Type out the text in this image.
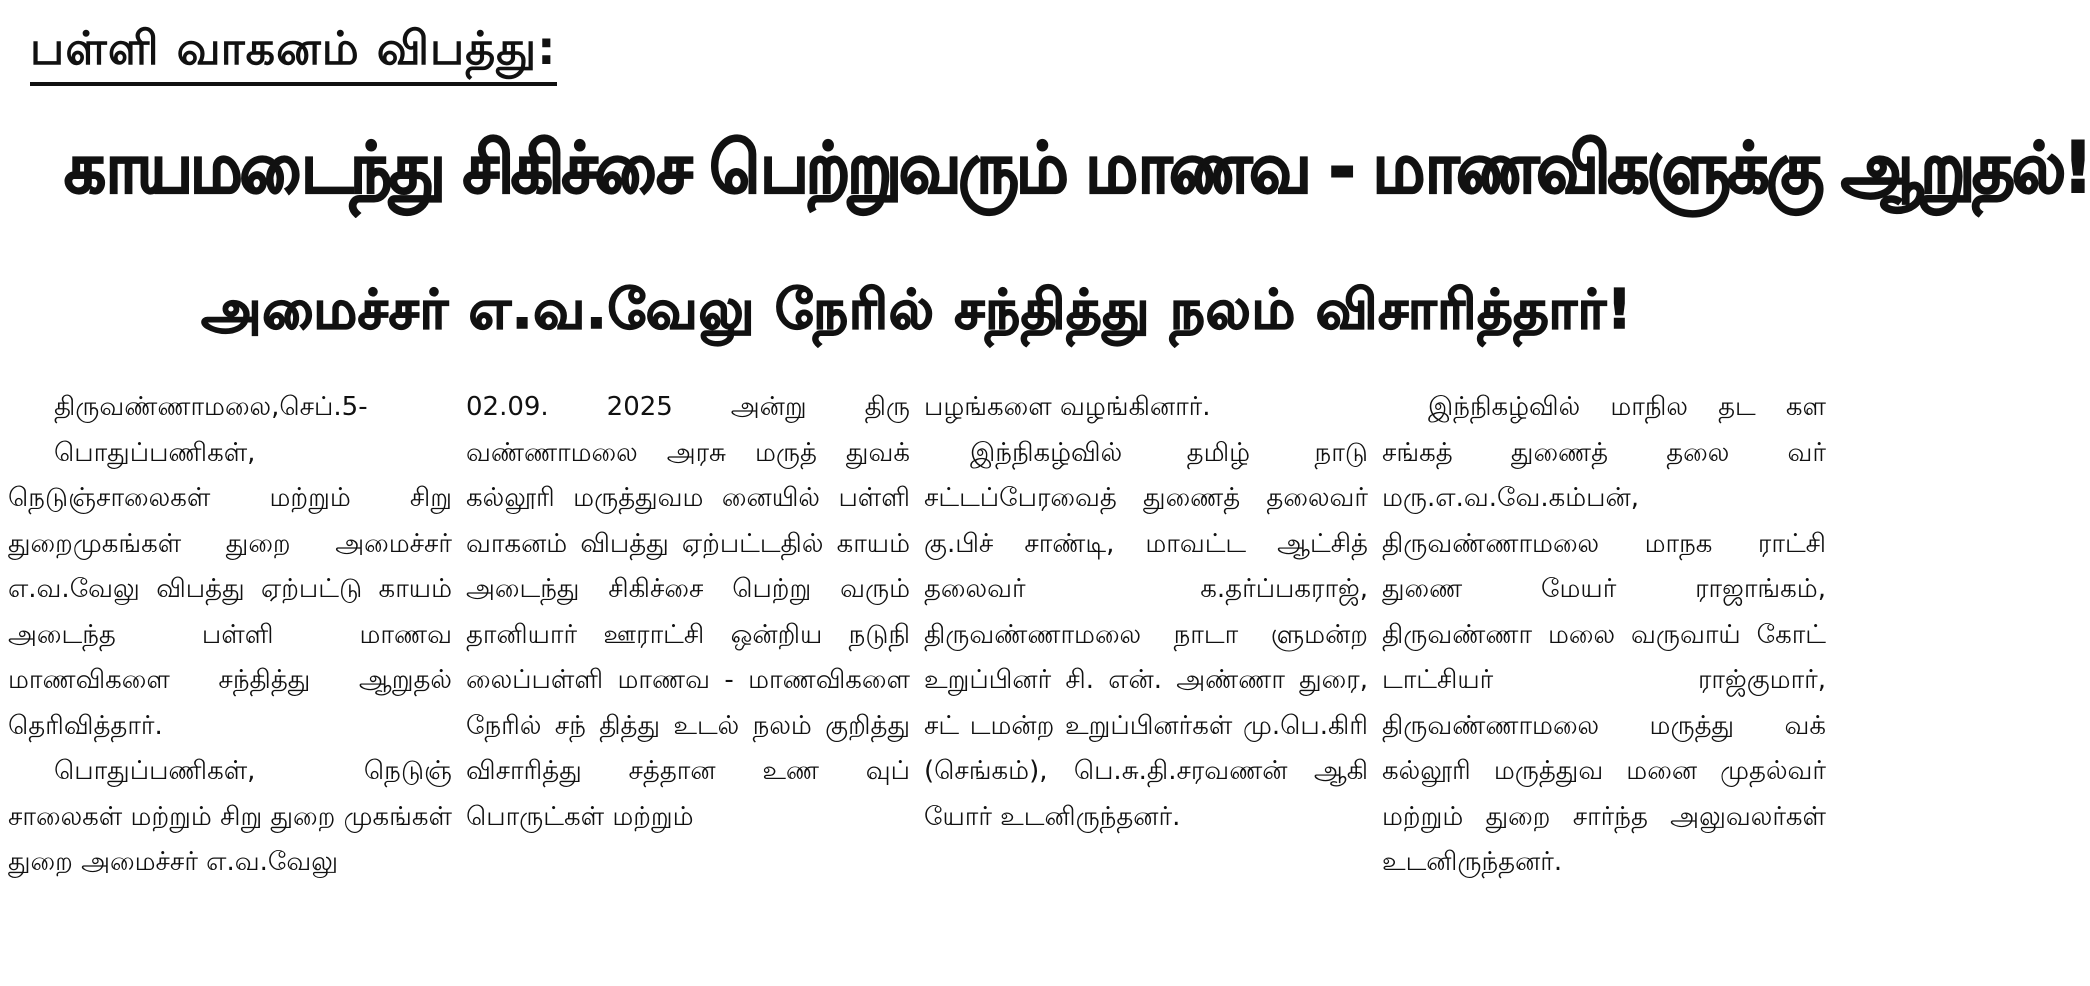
பள்ளி வாகனம் விபத்து:
காயமடைந்து சிகிச்சை பெற்றுவரும் மாணவ - மாணவிகளுக்கு ஆறுதல்!
அமைச்சர் எ.வ.வேலு நேரில் சந்தித்து நலம் விசாரித்தார்!

திருவண்ணாமலை,செப்.5-

பொதுப்பணிகள், நெடுஞ்சாலைகள் மற்றும் சிறு துறைமுகங்கள் துறை அமைச்சர் எ.வ.வேலு விபத்து ஏற்பட்டு காயம் அடைந்த பள்ளி மாணவ மாணவிகளை சந்தித்து ஆறுதல் தெரிவித்தார்.

பொதுப்பணிகள், நெடுஞ் சாலைகள் மற்றும் சிறு துறை முகங்கள் துறை அமைச்சர் எ.வ.வேலு

02.09. 2025 அன்று திரு வண்ணாமலை அரசு மருத் துவக் கல்லூரி மருத்துவம னையில் பள்ளி வாகனம் விபத்து ஏற்பட்டதில் காயம் அடைந்து சிகிச்சை பெற்று வரும் தானியார் ஊராட்சி ஒன்றிய நடுநி லைப்பள்ளி மாணவ - மாணவிகளை நேரில் சந் தித்து உடல் நலம் குறித்து விசாரித்து சத்தான உண வுப் பொருட்கள் மற்றும்

பழங்களை வழங்கினார்.

இந்நிகழ்வில் தமிழ் நாடு சட்டப்பேரவைத் துணைத் தலைவர் கு.பிச் சாண்டி, மாவட்ட ஆட்சித் தலைவர் க.தர்ப்பகராஜ், திருவண்ணாமலை நாடா ளுமன்ற உறுப்பினர் சி. என். அண்ணா துரை, சட் டமன்ற உறுப்பினர்கள் மு.பெ.கிரி (செங்கம்), பெ.சு.தி.சரவணன் ஆகி யோர் உடனிருந்தனர்.

இந்நிகழ்வில் மாநில தட கள சங்கத் துணைத் தலை வர் மரு.எ.வ.வே.கம்பன், திருவண்ணாமலை மாநக ராட்சி துணை மேயர் ராஜாங்கம், திருவண்ணா மலை வருவாய் கோட் டாட்சியர் ராஜ்குமார், திருவண்ணாமலை மருத்து வக் கல்லூரி மருத்துவ மனை முதல்வர் மற்றும் துறை சார்ந்த அலுவலர்கள் உடனிருந்தனர்.
